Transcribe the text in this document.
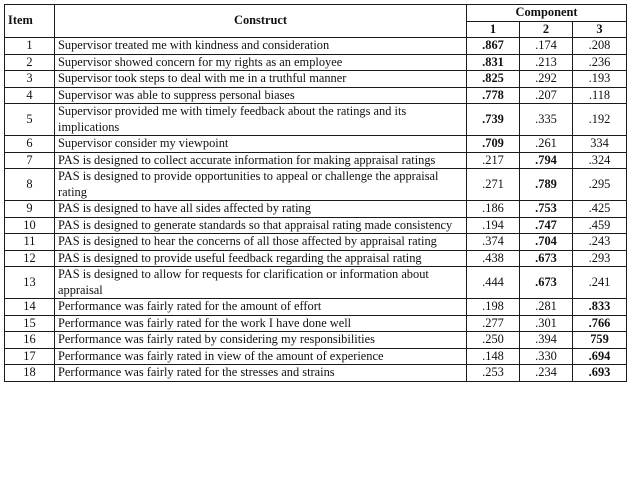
Item	Construct	Component		
		1	2	3
1	Supervisor treated me with kindness and consideration	.867	.174	.208
2	Supervisor showed concern for my rights as an employee	.831	.213	.236
3	Supervisor took steps to deal with me in a truthful manner	.825	.292	.193
4	Supervisor was able to suppress personal biases	.778	.207	.118
5	Supervisor provided me with timely feedback about the ratings and its implications	.739	.335	.192
6	Supervisor consider my viewpoint	.709	.261	334
7	PAS is designed to collect accurate information for making appraisal ratings	.217	.794	.324
8	PAS is designed to provide opportunities to appeal or challenge the appraisal rating	.271	.789	.295
9	PAS is designed to have all sides affected by rating	.186	.753	.425
10	PAS is designed to generate standards so that appraisal rating made consistency	.194	.747	.459
11	PAS is designed to hear the concerns of all those affected by appraisal rating	.374	.704	.243
12	PAS is designed to provide useful feedback regarding the appraisal rating	.438	.673	.293
13	PAS is designed to allow for requests for clarification or information about appraisal	.444	.673	.241
14	Performance was fairly rated for the amount of effort	.198	.281	.833
15	Performance was fairly rated for the work I have done well	.277	.301	.766
16	Performance was fairly rated by considering my responsibilities	.250	.394	759
17	Performance was fairly rated in view of the amount of experience	.148	.330	.694
18	Performance was fairly rated for the stresses and strains	.253	.234	.693
